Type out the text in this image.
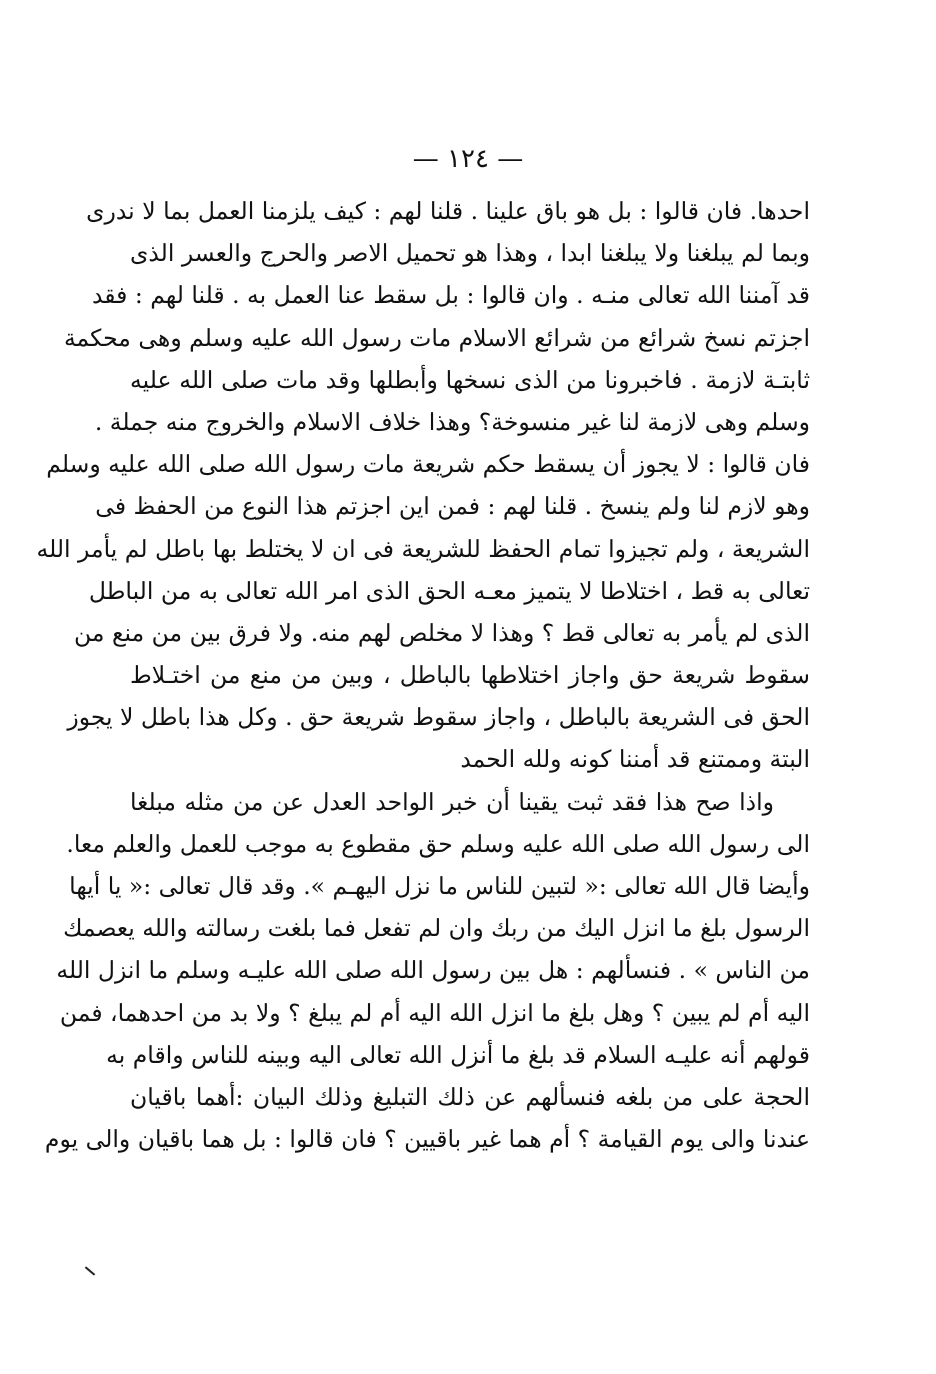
— ١٢٤ —
احدها. فان قالوا : بل هو باق علينا . قلنا لهم : كيف يلزمنا العمل بما لا ندرى
وبما لم يبلغنا ولا يبلغنا ابدا ، وهذا هو تحميل الاصر والحرج والعسر الذى
قد آمننا الله تعالى منـه . وان قالوا : بل سقط عنا العمل به . قلنا لهم : فقد
اجزتم نسخ شرائع من شرائع الاسلام مات رسول الله عليه وسلم وهى محكمة
ثابتـة لازمة . فاخبرونا من الذى نسخها وأبطلها وقد مات صلى الله عليه
وسلم وهى لازمة لنا غير منسوخة؟ وهذا خلاف الاسلام والخروج منه جملة .
فان قالوا : لا يجوز أن يسقط حكم شريعة مات رسول الله صلى الله عليه وسلم
وهو لازم لنا ولم ينسخ . قلنا لهم : فمن اين اجزتم هذا النوع من الحفظ فى
الشريعة ، ولم تجيزوا تمام الحفظ للشريعة فى ان لا يختلط بها باطل لم يأمر الله
تعالى به قط ، اختلاطا لا يتميز معـه الحق الذى امر الله تعالى به من الباطل
الذى لم يأمر به تعالى قط ؟ وهذا لا مخلص لهم منه. ولا فرق بين من منع من
سقوط شريعة حق واجاز اختلاطها بالباطل ، وبين من منع من اختـلاط
الحق فى الشريعة بالباطل ، واجاز سقوط شريعة حق . وكل هذا باطل لا يجوز
البتة وممتنع قد أمننا كونه ولله الحمد
واذا صح هذا فقد ثبت يقينا أن خبر الواحد العدل عن من مثله مبلغا
الى رسول الله صلى الله عليه وسلم حق مقطوع به موجب للعمل والعلم معا.
وأيضا قال الله تعالى :« لتبين للناس ما نزل اليهـم ». وقد قال تعالى :« يا أيها
الرسول بلغ ما انزل اليك من ربك وان لم تفعل فما بلغت رسالته والله يعصمك
من الناس » . فنسألهم : هل بين رسول الله صلى الله عليـه وسلم ما انزل الله
اليه أم لم يبين ؟ وهل بلغ ما انزل الله اليه أم لم يبلغ ؟ ولا بد من احدهما، فمن
قولهم أنه عليـه السلام قد بلغ ما أنزل الله تعالى اليه وبينه للناس واقام به
الحجة على من بلغه فنسألهم عن ذلك التبليغ وذلك البيان :أهما باقيان
عندنا والى يوم القيامة ؟ أم هما غير باقيين ؟ فان قالوا : بل هما باقيان والى يوم
